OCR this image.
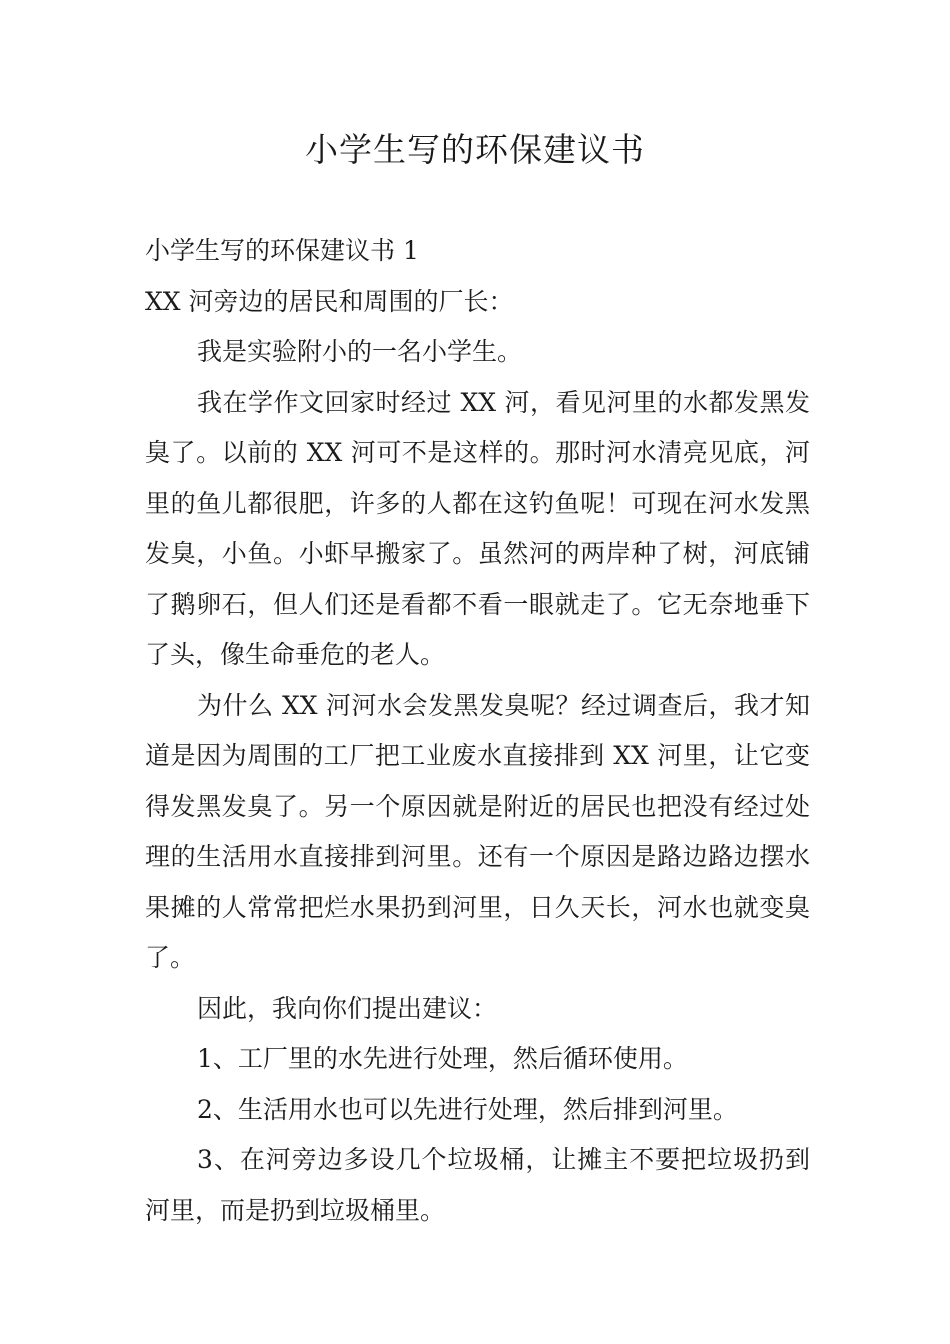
小学生写的环保建议书

小学生写的环保建议书 1

XX 河旁边的居民和周围的厂长：

我是实验附小的一名小学生。

我在学作文回家时经过 XX 河，看见河里的水都发黑发臭了。以前的 XX 河可不是这样的。那时河水清亮见底，河里的鱼儿都很肥，许多的人都在这钓鱼呢！可现在河水发黑发臭，小鱼。小虾早搬家了。虽然河的两岸种了树，河底铺了鹅卵石，但人们还是看都不看一眼就走了。它无奈地垂下了头，像生命垂危的老人。

为什么 XX 河河水会发黑发臭呢？经过调查后，我才知道是因为周围的工厂把工业废水直接排到 XX 河里，让它变得发黑发臭了。另一个原因就是附近的居民也把没有经过处理的生活用水直接排到河里。还有一个原因是路边路边摆水果摊的人常常把烂水果扔到河里，日久天长，河水也就变臭了。

因此，我向你们提出建议：

1、工厂里的水先进行处理，然后循环使用。

2、生活用水也可以先进行处理，然后排到河里。

3、在河旁边多设几个垃圾桶，让摊主不要把垃圾扔到河里，而是扔到垃圾桶里。
